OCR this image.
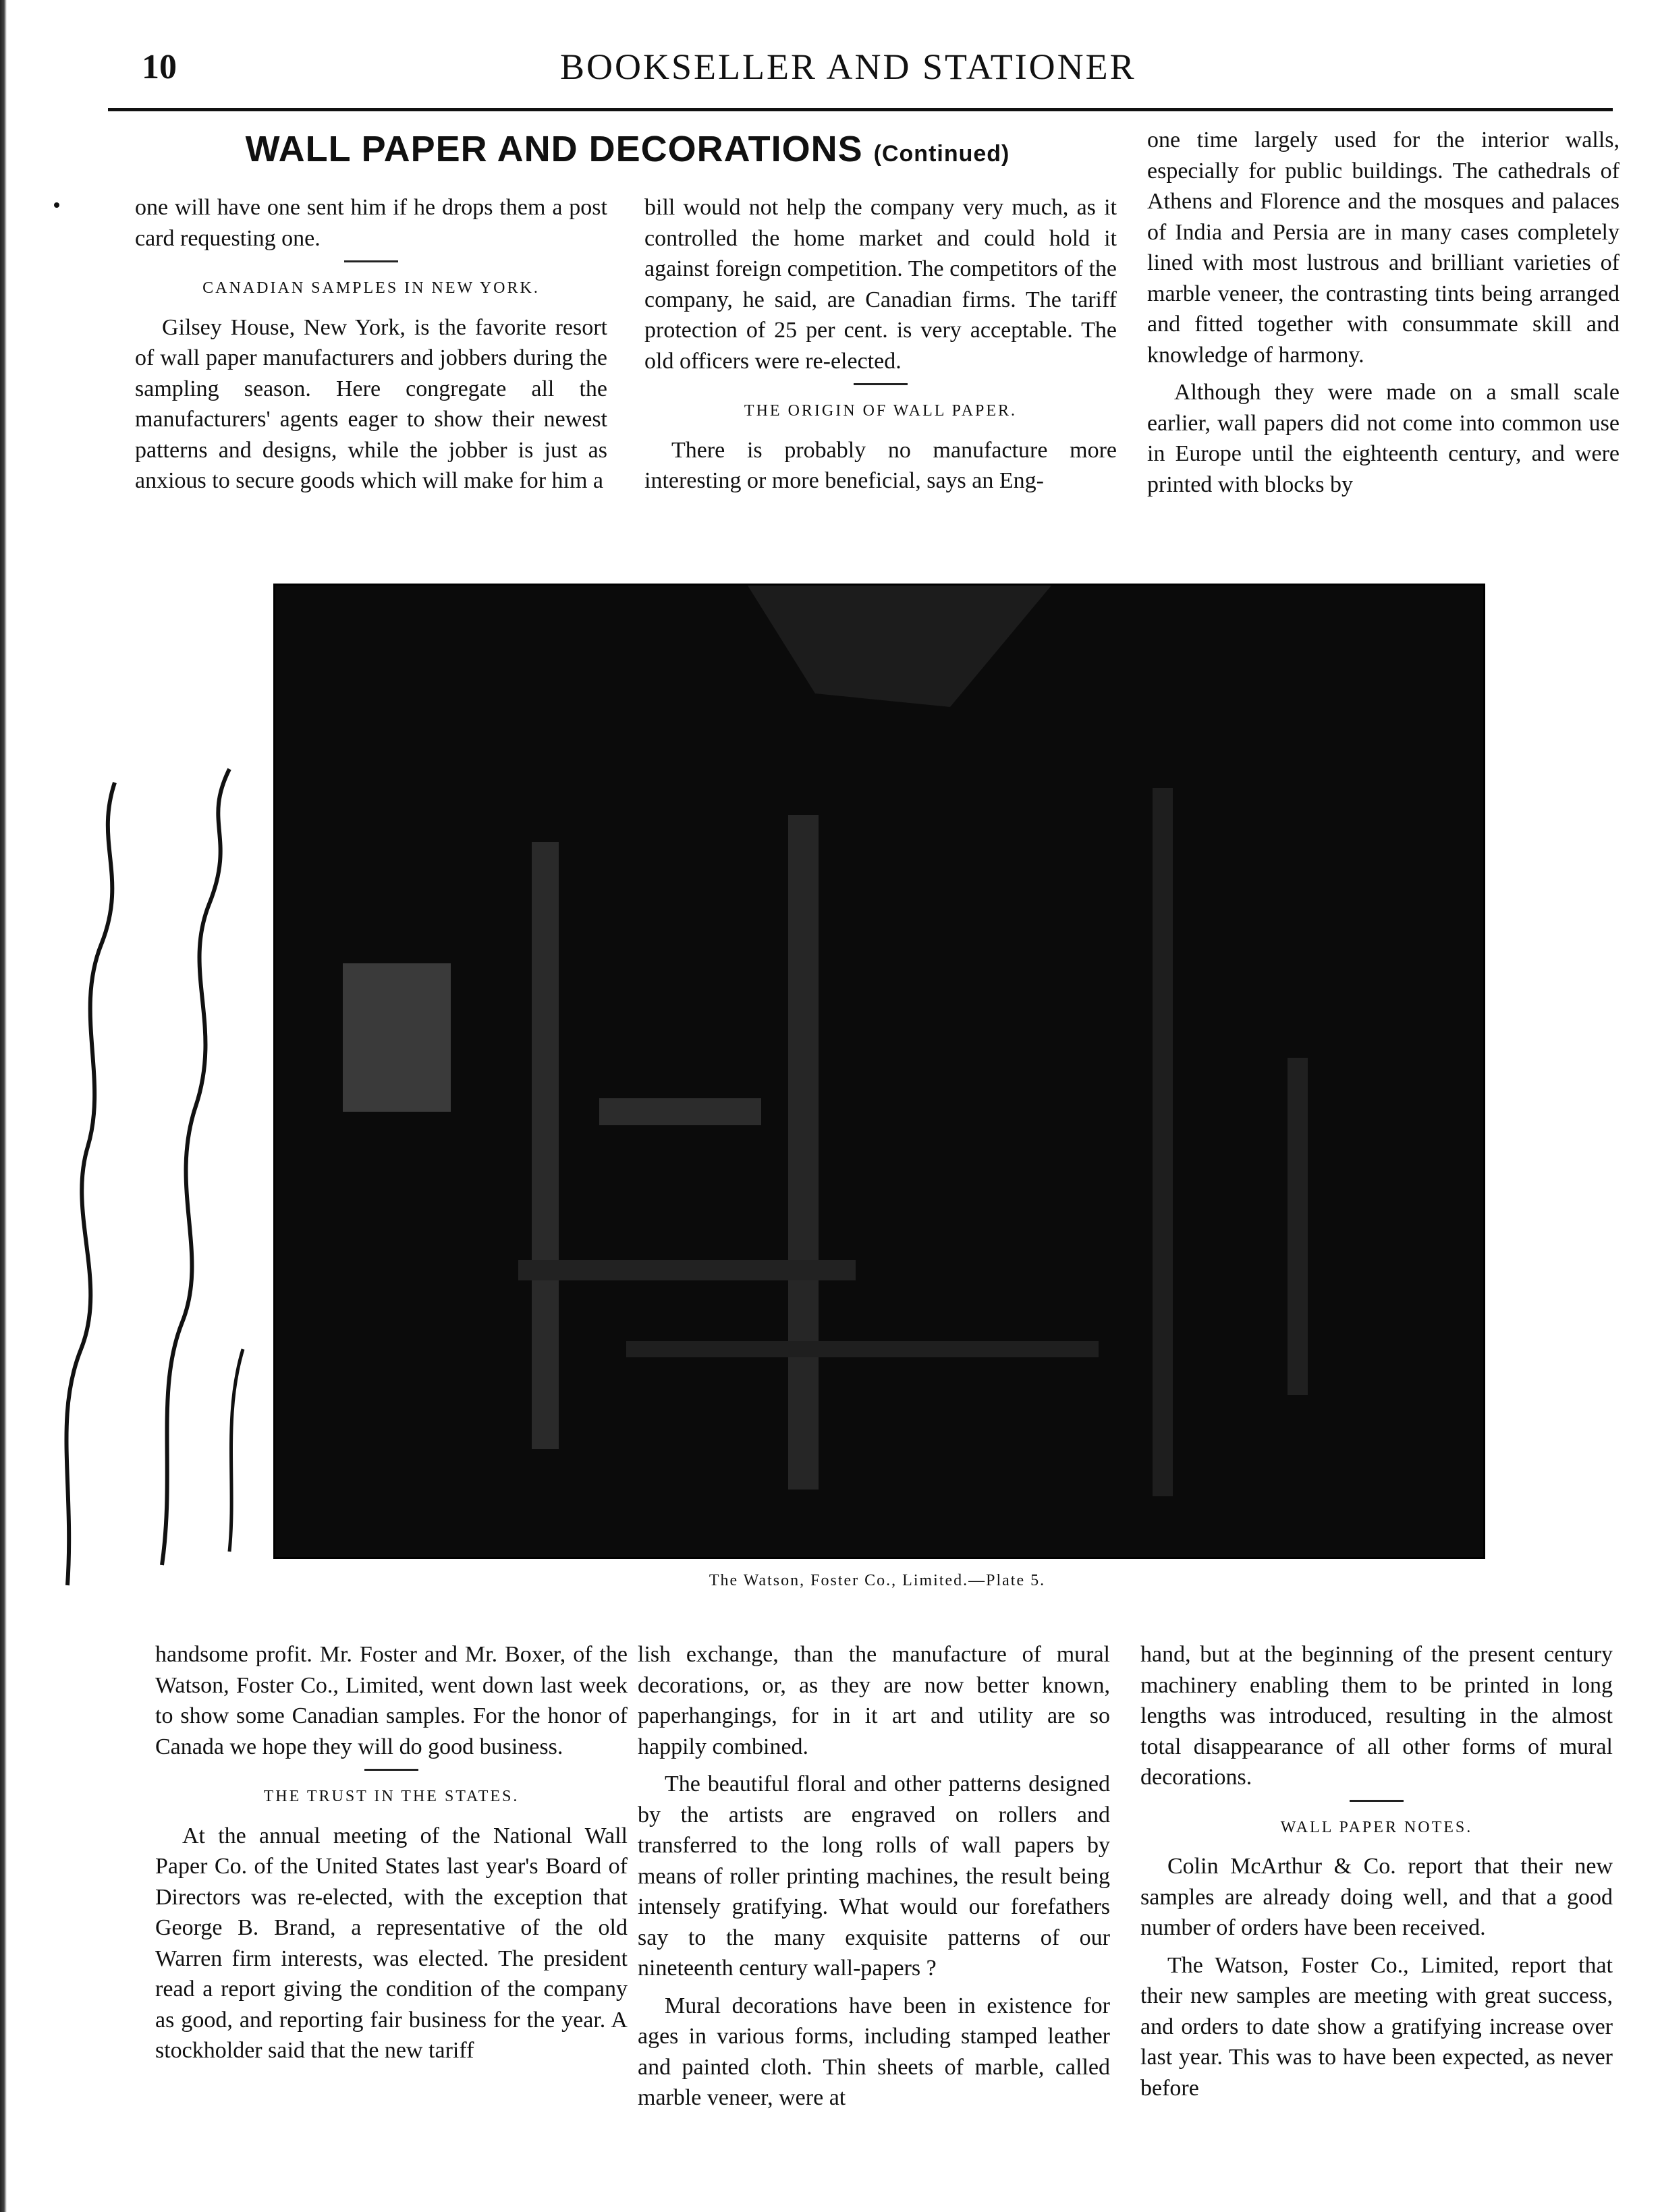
10	BOOKSELLER AND STATIONER
WALL PAPER AND DECORATIONS (Continued)

one will have one sent him if he drops them a post card requesting one.

CANADIAN SAMPLES IN NEW YORK.

Gilsey House, New York, is the favorite resort of wall paper manufacturers and jobbers during the sampling season. Here congregate all the manufacturers' agents eager to show their newest patterns and designs, while the jobber is just as anxious to secure goods which will make for him a

bill would not help the company very much, as it controlled the home market and could hold it against foreign competition. The competitors of the company, he said, are Canadian firms. The tariff protection of 25 per cent. is very acceptable. The old officers were re-elected.

THE ORIGIN OF WALL PAPER.

There is probably no manufacture more interesting or more beneficial, says an Eng-

one time largely used for the interior walls, especially for public buildings. The cathedrals of Athens and Florence and the mosques and palaces of India and Persia are in many cases completely lined with most lustrous and brilliant varieties of marble veneer, the contrasting tints being arranged and fitted together with consummate skill and knowledge of harmony.

Although they were made on a small scale earlier, wall papers did not come into common use in Europe until the eighteenth century, and were printed with blocks by

The Watson, Foster Co., Limited.—Plate 5.

handsome profit. Mr. Foster and Mr. Boxer, of the Watson, Foster Co., Limited, went down last week to show some Canadian samples. For the honor of Canada we hope they will do good business.

THE TRUST IN THE STATES.

At the annual meeting of the National Wall Paper Co. of the United States last year's Board of Directors was re-elected, with the exception that George B. Brand, a representative of the old Warren firm interests, was elected. The president read a report giving the condition of the company as good, and reporting fair business for the year. A stockholder said that the new tariff

lish exchange, than the manufacture of mural decorations, or, as they are now better known, paperhangings, for in it art and utility are so happily combined.

The beautiful floral and other patterns designed by the artists are engraved on rollers and transferred to the long rolls of wall papers by means of roller printing machines, the result being intensely gratifying. What would our forefathers say to the many exquisite patterns of our nineteenth century wall-papers ?

Mural decorations have been in existence for ages in various forms, including stamped leather and painted cloth. Thin sheets of marble, called marble veneer, were at

hand, but at the beginning of the present century machinery enabling them to be printed in long lengths was introduced, resulting in the almost total disappearance of all other forms of mural decorations.

WALL PAPER NOTES.

Colin McArthur & Co. report that their new samples are already doing well, and that a good number of orders have been received.

The Watson, Foster Co., Limited, report that their new samples are meeting with great success, and orders to date show a gratifying increase over last year. This was to have been expected, as never before
